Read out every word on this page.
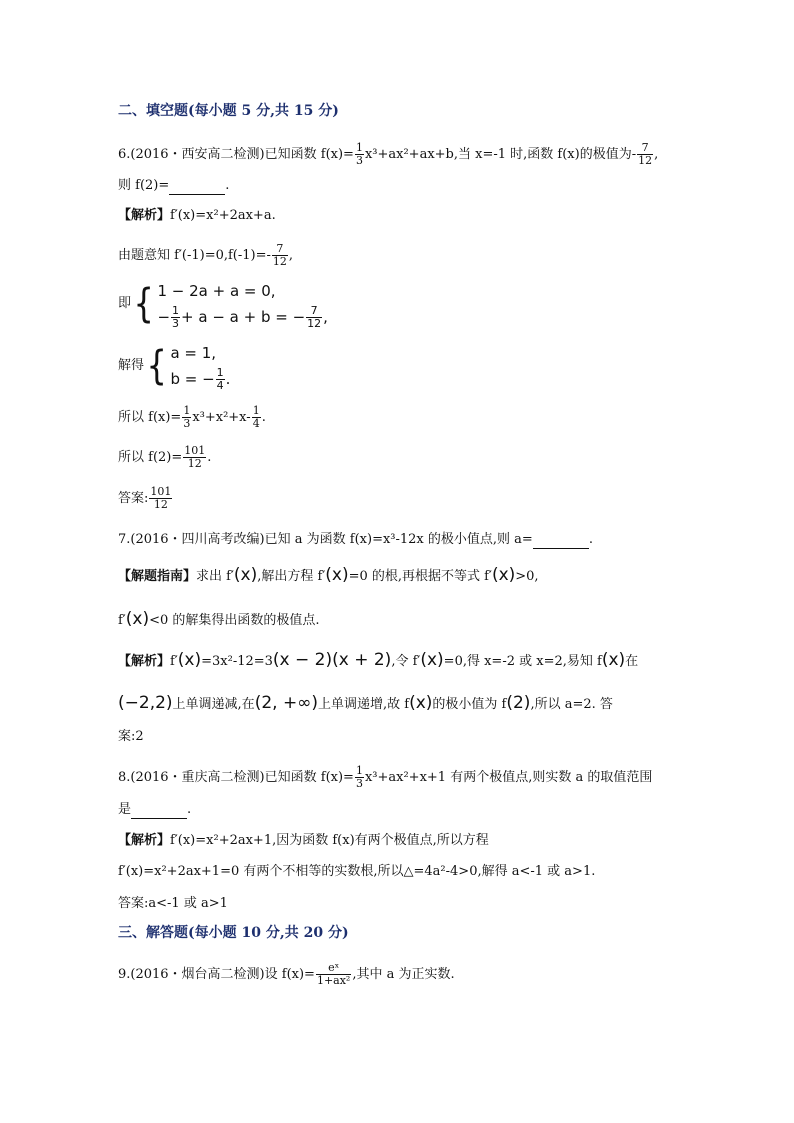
二、填空题(每小题 5 分,共 15 分)
6.(2016・西安高二检测)已知函数 $f(x)= \frac{1}{3} x^3+ax^2+ax+b$,当 x=-1 时,函数 f(x)的极值为- $\frac{7}{12}$ ,
则 f(2)=	.
【解析】f′(x)=x²+2ax+a.
由题意知 $f'(-1)=0,f(-1)=- \frac{7}{12}$ ,
即 { 1 − 2a + a = 0,
− $\frac{1}{3} + a - a + b$ = − $\frac{7}{12}$ ,
解得 { a = 1,
b = − $\frac{1}{4}$ .
所以 $f(x)= \frac{1}{3} x^3+x^2+x- \frac{1}{4}$ .
所以 $f(2)= \frac{101}{12}$ .
答案: $\frac{101}{12}$
7.(2016・四川高考改编)已知 a 为函数 f(x)=x³-12x 的极小值点,则 a=	.
【解题指南】求出 f′(x),解出方程 f′(x)=0 的根,再根据不等式 f′(x)>0,
f′(x)<0 的解集得出函数的极值点.
【解析】f′(x)=3x²-12=3(x − 2)(x + 2),令 f′(x)=0,得 x=-2 或 x=2,易知 f(x)在
(−2,2)上单调递减,在(2, +∞)上单调递增,故 f(x)的极小值为 f(2),所以 a=2. 答
案:2
8.(2016・重庆高二检测)已知函数 $f(x)= \frac{1}{3} x^3+ax^2+x+1$ 有两个极值点,则实数 a 的取值范围
是	.
【解析】f′(x)=x²+2ax+1,因为函数 f(x)有两个极值点,所以方程
f′(x)=x²+2ax+1=0 有两个不相等的实数根,所以△=4a²-4>0,解得 a<-1 或 a>1.
答案:a<-1 或 a>1
三、解答题(每小题 10 分,共 20 分)
9.(2016・烟台高二检测)设 $f(x)= \frac{\text{eˣ}}{\text{1+ax²}}$ ,其中 a 为正实数.
